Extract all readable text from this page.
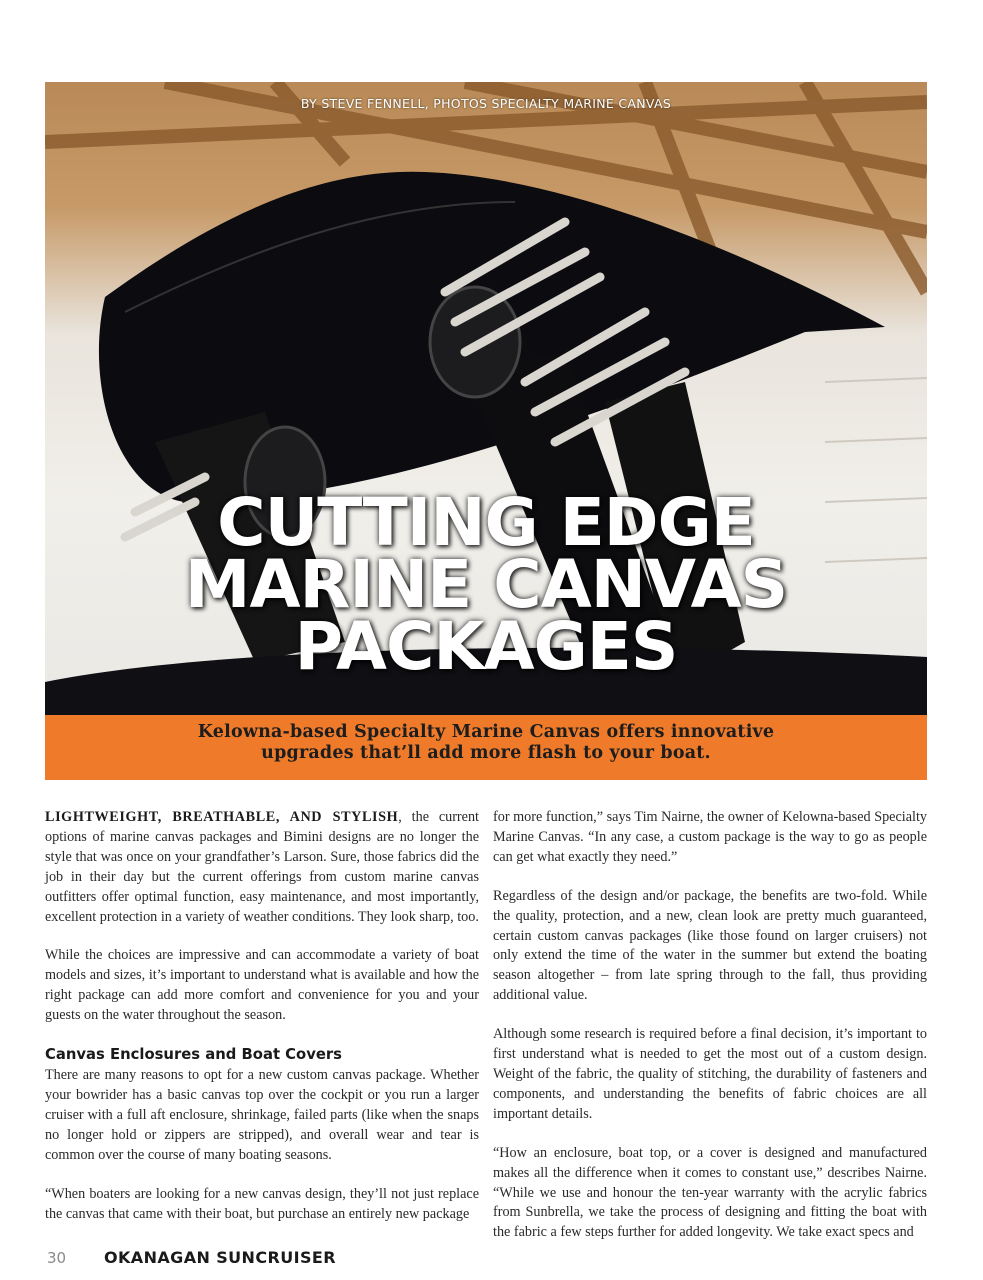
BY STEVE FENNELL, PHOTOS SPECIALTY MARINE CANVAS
CUTTING EDGE
MARINE CANVAS
PACKAGES
Kelowna-based Specialty Marine Canvas offers innovative
upgrades that’ll add more flash to your boat.

LIGHTWEIGHT, BREATHABLE, AND STYLISH, the current options of marine canvas packages and Bimini designs are no longer the style that was once on your grandfather’s Larson. Sure, those fabrics did the job in their day but the current offerings from custom marine canvas outfitters offer optimal function, easy maintenance, and most importantly, excellent protection in a variety of weather conditions. They look sharp, too.

While the choices are impressive and can accommodate a variety of boat models and sizes, it’s important to understand what is available and how the right package can add more comfort and convenience for you and your guests on the water throughout the season.

Canvas Enclosures and Boat Covers

There are many reasons to opt for a new custom canvas package. Whether your bowrider has a basic canvas top over the cockpit or you run a larger cruiser with a full aft enclosure, shrinkage, failed parts (like when the snaps no longer hold or zippers are stripped), and overall wear and tear is common over the course of many boating seasons.

“When boaters are looking for a new canvas design, they’ll not just replace the canvas that came with their boat, but purchase an entirely new package

for more function,” says Tim Nairne, the owner of Kelowna-based Specialty Marine Canvas. “In any case, a custom package is the way to go as people can get what exactly they need.”

Regardless of the design and/or package, the benefits are two-fold. While the quality, protection, and a new, clean look are pretty much guaranteed, certain custom canvas packages (like those found on larger cruisers) not only extend the time of the water in the summer but extend the boating season altogether – from late spring through to the fall, thus providing additional value.

Although some research is required before a final decision, it’s important to first understand what is needed to get the most out of a custom design. Weight of the fabric, the quality of stitching, the durability of fasteners and components, and understanding the benefits of fabric choices are all important details.

“How an enclosure, boat top, or a cover is designed and manufactured makes all the difference when it comes to constant use,” describes Nairne. “While we use and honour the ten-year warranty with the acrylic fabrics from Sunbrella, we take the process of designing and fitting the boat with the fabric a few steps further for added longevity. We take exact specs and

30 OKANAGAN SUNCRUISER
